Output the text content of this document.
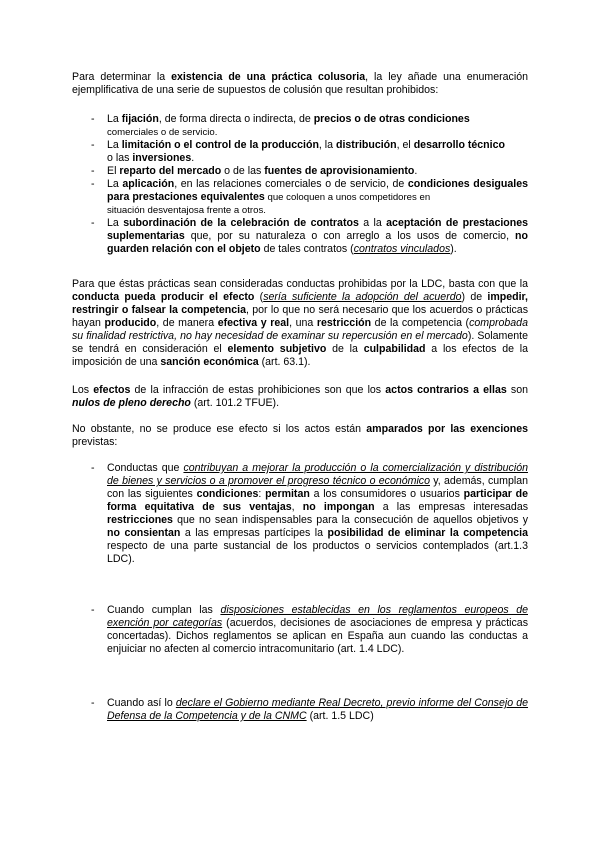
Para determinar la existencia de una práctica colusoria, la ley añade una enumeración ejemplificativa de una serie de supuestos de colusión que resultan prohibidos:

- La fijación, de forma directa o indirecta, de precios o de otras condiciones
comerciales o de servicio.
- La limitación o el control de la producción, la distribución, el desarrollo técnico
o las inversiones.
- El reparto del mercado o de las fuentes de aprovisionamiento.
- La aplicación, en las relaciones comerciales o de servicio, de condiciones desiguales para prestaciones equivalentes que coloquen a unos competidores en
situación desventajosa frente a otros.
- La subordinación de la celebración de contratos a la aceptación de prestaciones suplementarias que, por su naturaleza o con arreglo a los usos de comercio, no guarden relación con el objeto de tales contratos (contratos vinculados).

Para que éstas prácticas sean consideradas conductas prohibidas por la LDC, basta con que la conducta pueda producir el efecto (sería suficiente la adopción del acuerdo) de impedir, restringir o falsear la competencia, por lo que no será necesario que los acuerdos o prácticas hayan producido, de manera efectiva y real, una restricción de la competencia (comprobada su finalidad restrictiva, no hay necesidad de examinar su repercusión en el mercado). Solamente se tendrá en consideración el elemento subjetivo de la culpabilidad a los efectos de la imposición de una sanción económica (art. 63.1).

Los efectos de la infracción de estas prohibiciones son que los actos contrarios a ellas son nulos de pleno derecho (art. 101.2 TFUE).

No obstante, no se produce ese efecto si los actos están amparados por las exenciones previstas:

- Conductas que contribuyan a mejorar la producción o la comercialización y distribución de bienes y servicios o a promover el progreso técnico o económico y, además, cumplan con las siguientes condiciones: permitan a los consumidores o usuarios participar de forma equitativa de sus ventajas, no impongan a las empresas interesadas restricciones que no sean indispensables para la consecución de aquellos objetivos y no consientan a las empresas partícipes la posibilidad de eliminar la competencia respecto de una parte sustancial de los productos o servicios contemplados (art.1.3 LDC).

- Cuando cumplan las disposiciones establecidas en los reglamentos europeos de exención por categorías (acuerdos, decisiones de asociaciones de empresa y prácticas concertadas). Dichos reglamentos se aplican en España aun cuando las conductas a enjuiciar no afecten al comercio intracomunitario (art. 1.4 LDC).

- Cuando así lo declare el Gobierno mediante Real Decreto, previo informe del Consejo de Defensa de la Competencia y de la CNMC (art. 1.5 LDC)
